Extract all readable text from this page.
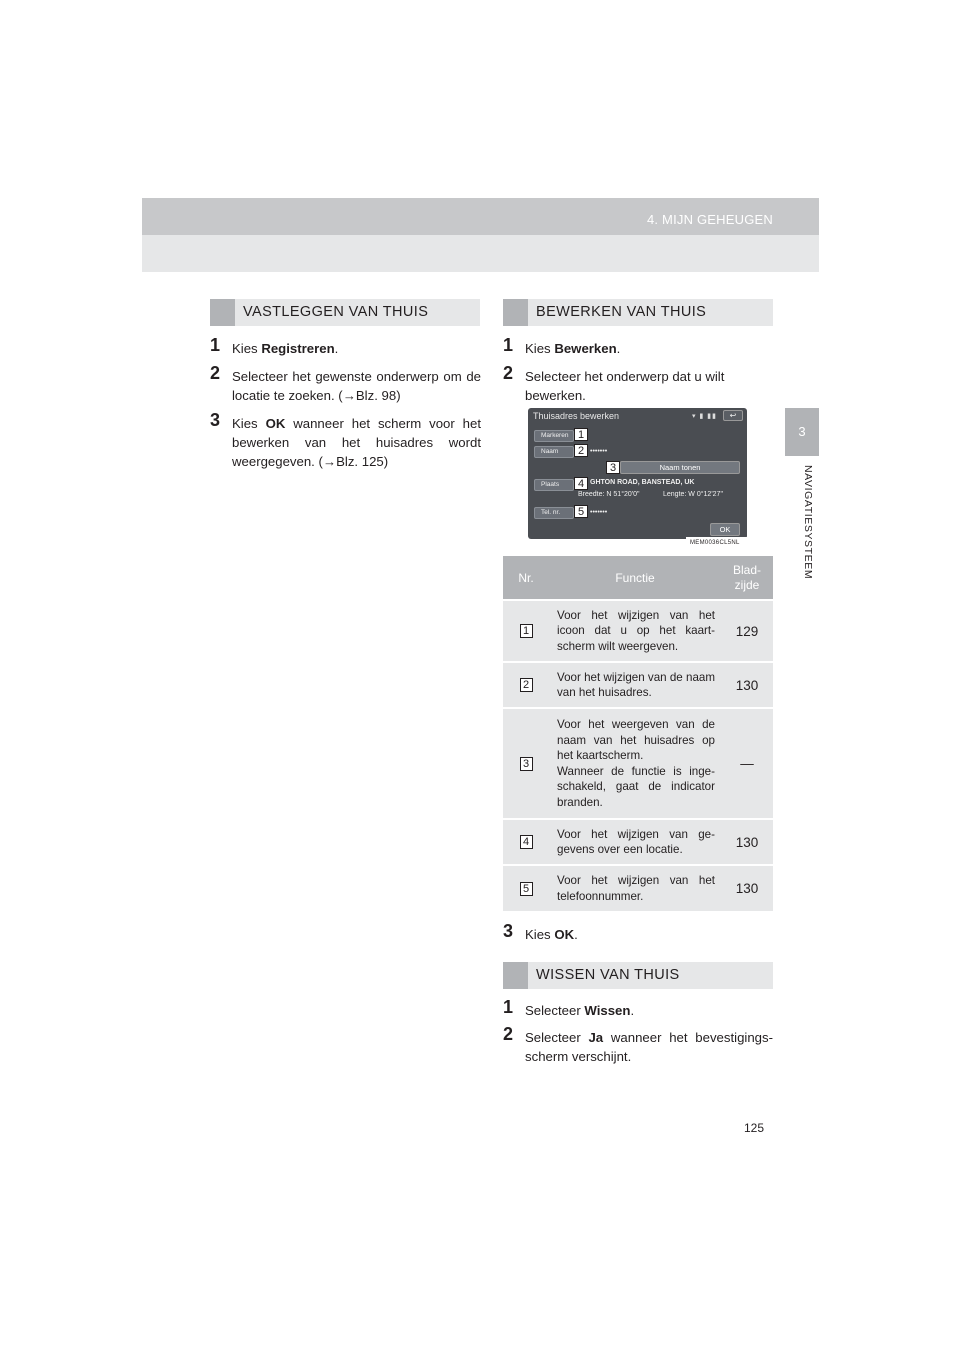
4. MIJN GEHEUGEN
3
NAVIGATIESYSTEEM
VASTLEGGEN VAN THUIS
1 Kies Registreren.
2 Selecteer het gewenste onderwerp om de locatie te zoeken. (→Blz. 98)
3 Kies OK wanneer het scherm voor het bewerken van het huisadres wordt weergegeven. (→Blz. 125)
BEWERKEN VAN THUIS
1 Kies Bewerken.
2 Selecteer het onderwerp dat u wilt bewerken.
Thuisadres bewerken	▾ ▮ ▮▮	↩
Markeren
Naam	•••••••
Naam tonen
Plaats	GHTON ROAD, BANSTEAD, UK
Breedte: N 51°20'0"	Lengte: W 0°12'27"
Tel. nr.	•••••••
OK
1
2
3
4
5
MEM0036CL5NL
Nr.	Functie	Blad-
zijde
1	Voor het wijzigen van het icoon dat u op het kaart-scherm wilt weergeven.	129
2	Voor het wijzigen van de naam van het huisadres.	130
3	Voor het weergeven van de naam van het huisadres op het kaartscherm.
Wanneer de functie is inge-schakeld, gaat de indicator branden.	—
4	Voor het wijzigen van ge-gevens over een locatie.	130
5	Voor het wijzigen van het telefoonnummer.	130
3 Kies OK.
WISSEN VAN THUIS
1 Selecteer Wissen.
2 Selecteer Ja wanneer het bevestigings-scherm verschijnt.
125
